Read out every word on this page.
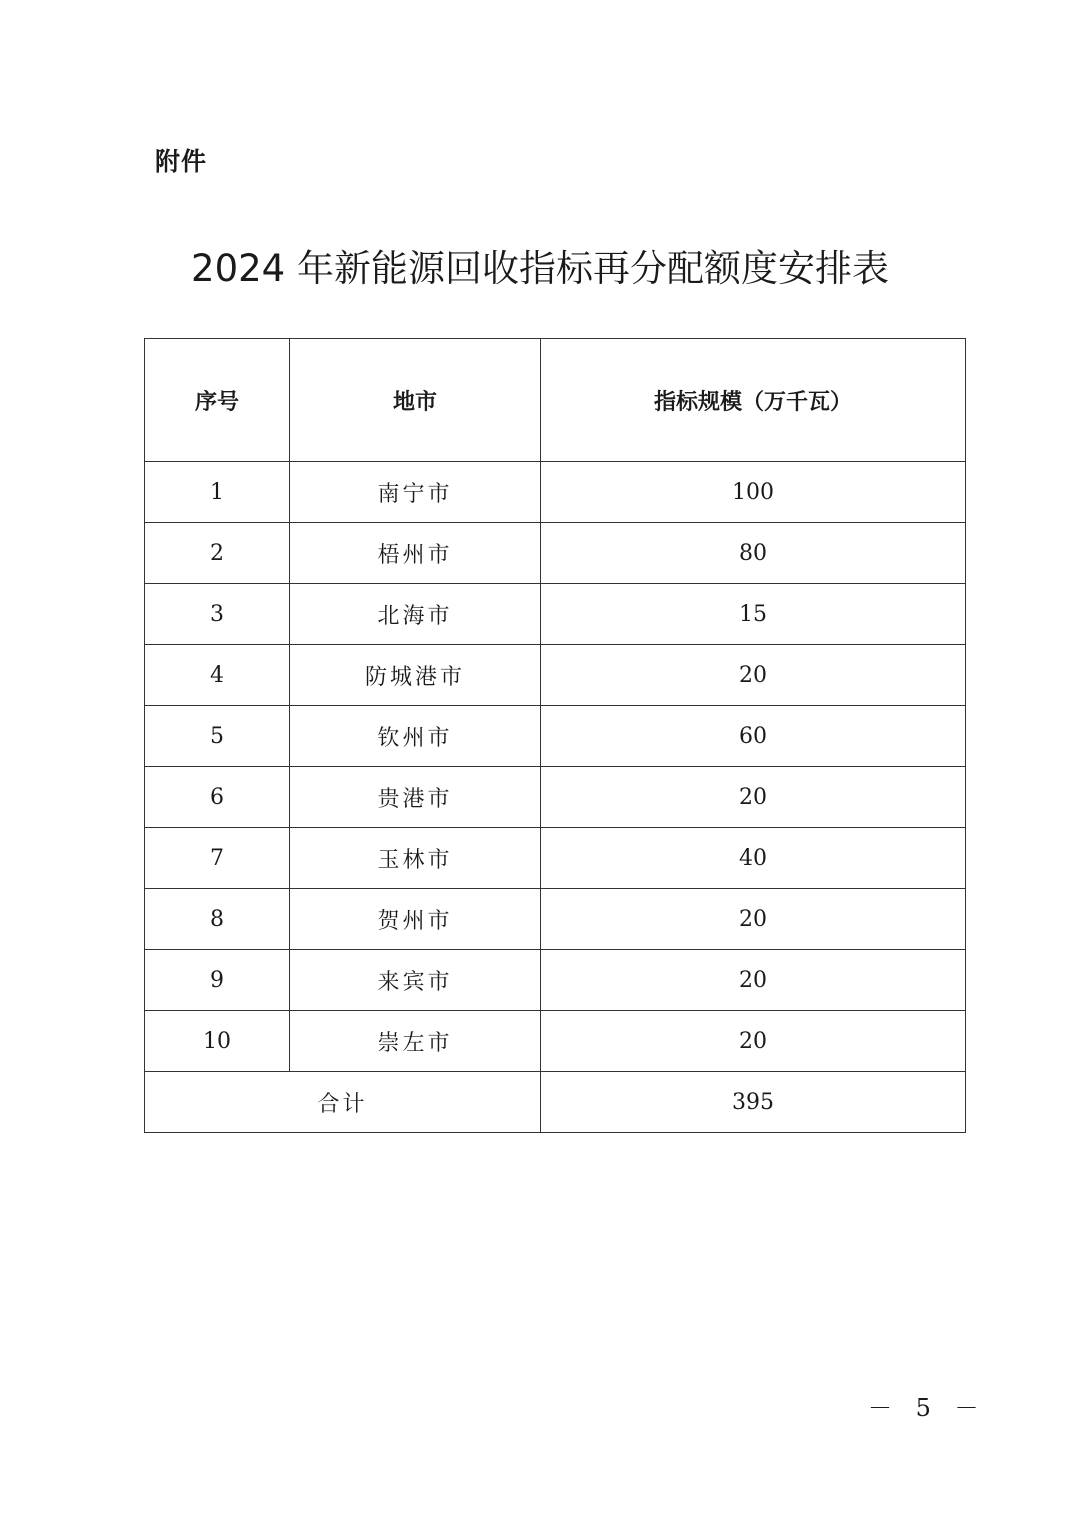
附件
2024 年新能源回收指标再分配额度安排表
序号	地市	指标规模（万千瓦）
1	南宁市	100
2	梧州市	80
3	北海市	15
4	防城港市	20
5	钦州市	60
6	贵港市	20
7	玉林市	40
8	贺州市	20
9	来宾市	20
10	崇左市	20
合计		395
－ 5 －
